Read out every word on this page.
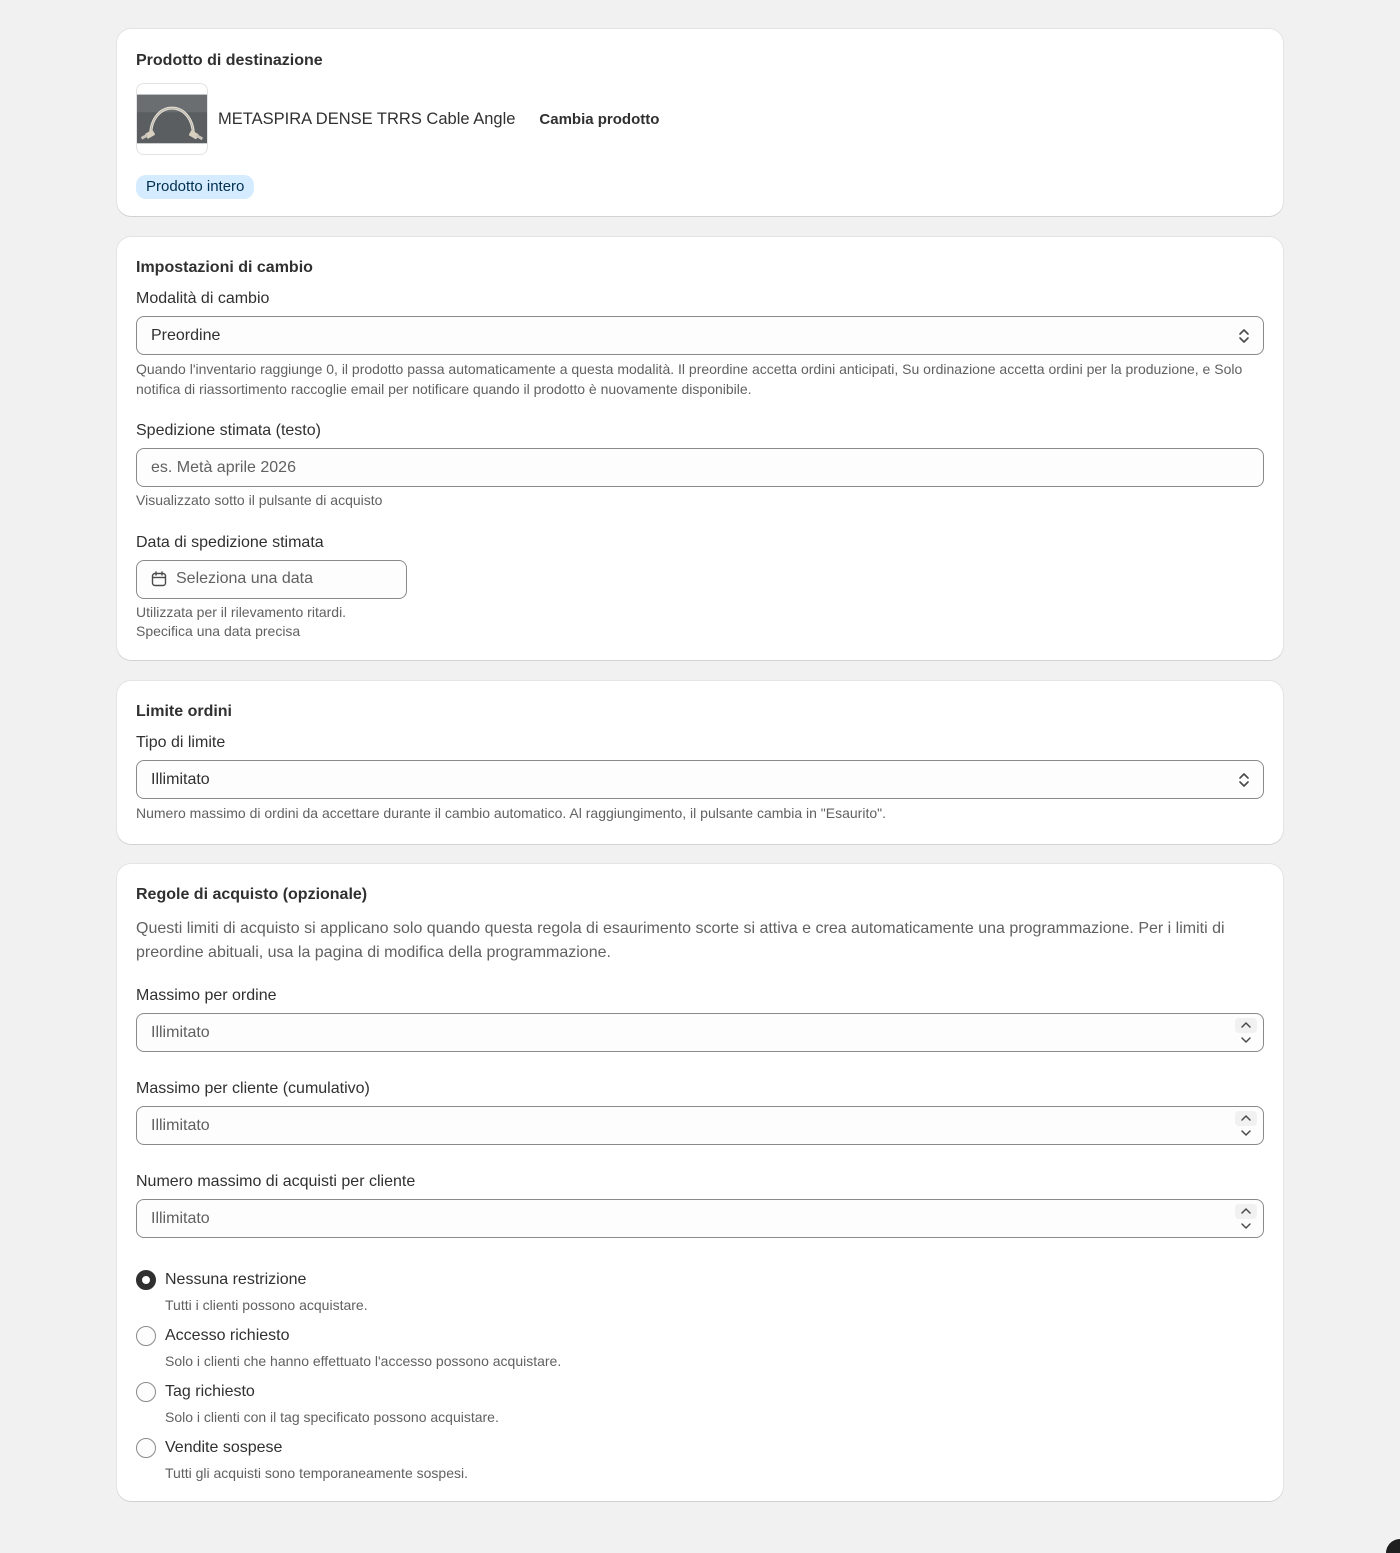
Prodotto di destinazione
METASPIRA DENSE TRRS Cable Angle Cambia prodotto
Prodotto intero
Impostazioni di cambio
Modalità di cambio
Preordine
Quando l'inventario raggiunge 0, il prodotto passa automaticamente a questa modalità. Il preordine accetta ordini anticipati, Su ordinazione accetta ordini per la produzione, e Solo notifica di riassortimento raccoglie email per notificare quando il prodotto è nuovamente disponibile.
Spedizione stimata (testo)
es. Metà aprile 2026
Visualizzato sotto il pulsante di acquisto
Data di spedizione stimata
Seleziona una data
Utilizzata per il rilevamento ritardi.
Specifica una data precisa
Limite ordini
Tipo di limite
Illimitato
Numero massimo di ordini da accettare durante il cambio automatico. Al raggiungimento, il pulsante cambia in "Esaurito".
Regole di acquisto (opzionale)
Questi limiti di acquisto si applicano solo quando questa regola di esaurimento scorte si attiva e crea automaticamente una programmazione. Per i limiti di preordine abituali, usa la pagina di modifica della programmazione.
Massimo per ordine
Illimitato
Massimo per cliente (cumulativo)
Illimitato
Numero massimo di acquisti per cliente
Illimitato
Nessuna restrizione
Tutti i clienti possono acquistare.
Accesso richiesto
Solo i clienti che hanno effettuato l'accesso possono acquistare.
Tag richiesto
Solo i clienti con il tag specificato possono acquistare.
Vendite sospese
Tutti gli acquisti sono temporaneamente sospesi.
